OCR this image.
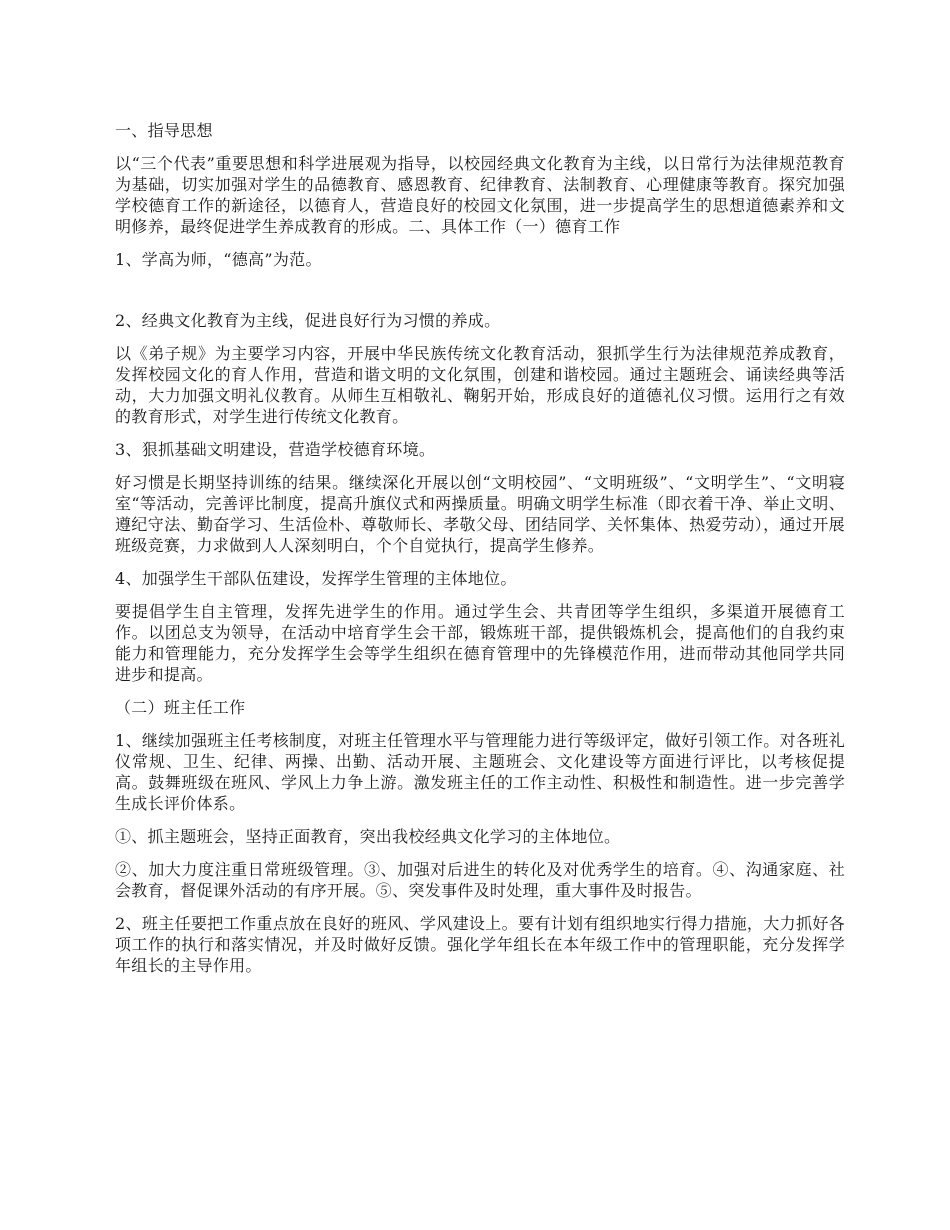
一、指导思想

以“三个代表”重要思想和科学进展观为指导，以校园经典文化教育为主线，以日常行为法律规范教育为基础，切实加强对学生的品德教育、感恩教育、纪律教育、法制教育、心理健康等教育。探究加强学校德育工作的新途径，以德育人，营造良好的校园文化氛围，进一步提高学生的思想道德素养和文明修养，最终促进学生养成教育的形成。二、具体工作（一）德育工作

1、学高为师，“德高”为范。

2、经典文化教育为主线，促进良好行为习惯的养成。

以《弟子规》为主要学习内容，开展中华民族传统文化教育活动，狠抓学生行为法律规范养成教育，发挥校园文化的育人作用，营造和谐文明的文化氛围，创建和谐校园。通过主题班会、诵读经典等活动，大力加强文明礼仪教育。从师生互相敬礼、鞠躬开始，形成良好的道德礼仪习惯。运用行之有效的教育形式，对学生进行传统文化教育。

3、狠抓基础文明建设，营造学校德育环境。

好习惯是长期坚持训练的结果。继续深化开展以创“文明校园”、“文明班级”、“文明学生”、“文明寝室“等活动，完善评比制度，提高升旗仪式和两操质量。明确文明学生标准（即衣着干净、举止文明、遵纪守法、勤奋学习、生活俭朴、尊敬师长、孝敬父母、团结同学、关怀集体、热爱劳动），通过开展班级竞赛，力求做到人人深刻明白，个个自觉执行，提高学生修养。

4、加强学生干部队伍建设，发挥学生管理的主体地位。

要提倡学生自主管理，发挥先进学生的作用。通过学生会、共青团等学生组织，多渠道开展德育工作。以团总支为领导，在活动中培育学生会干部，锻炼班干部，提供锻炼机会，提高他们的自我约束能力和管理能力，充分发挥学生会等学生组织在德育管理中的先锋模范作用，进而带动其他同学共同进步和提高。

（二）班主任工作

1、继续加强班主任考核制度，对班主任管理水平与管理能力进行等级评定，做好引领工作。对各班礼仪常规、卫生、纪律、两操、出勤、活动开展、主题班会、文化建设等方面进行评比，以考核促提高。鼓舞班级在班风、学风上力争上游。激发班主任的工作主动性、积极性和制造性。进一步完善学生成长评价体系。

①、抓主题班会，坚持正面教育，突出我校经典文化学习的主体地位。

②、加大力度注重日常班级管理。③、加强对后进生的转化及对优秀学生的培育。④、沟通家庭、社会教育，督促课外活动的有序开展。⑤、突发事件及时处理，重大事件及时报告。

2、班主任要把工作重点放在良好的班风、学风建设上。要有计划有组织地实行得力措施，大力抓好各项工作的执行和落实情况，并及时做好反馈。强化学年组长在本年级工作中的管理职能，充分发挥学年组长的主导作用。
